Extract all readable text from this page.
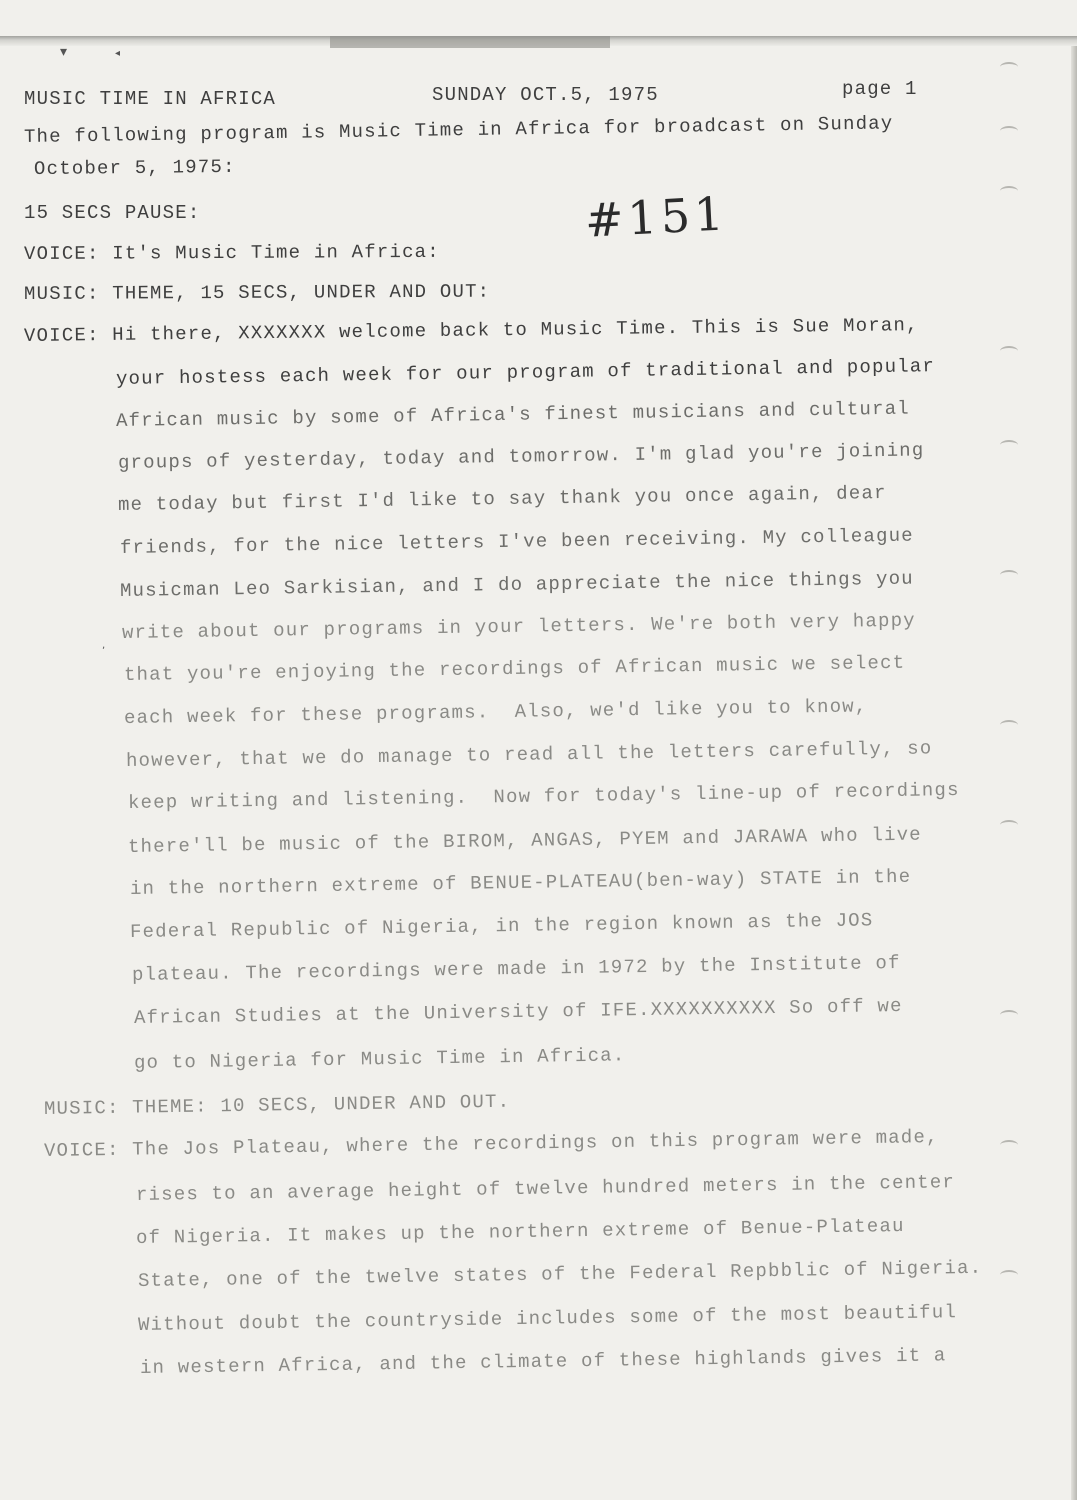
▾	◂
,
MUSIC TIME IN AFRICA	SUNDAY OCT.5, 1975	page 1
#151
The following program is Music Time in Africa for broadcast on Sunday
October 5, 1975:
15 SECS PAUSE:
VOICE: It's Music Time in Africa:
MUSIC: THEME, 15 SECS, UNDER AND OUT:
VOICE: Hi there, XXXXXXX welcome back to Music Time. This is Sue Moran,
your hostess each week for our program of traditional and popular
African music by some of Africa's finest musicians and cultural
groups of yesterday, today and tomorrow. I'm glad you're joining
me today but first I'd like to say thank you once again, dear
friends, for the nice letters I've been receiving. My colleague
Musicman Leo Sarkisian, and I do appreciate the nice things you
write about our programs in your letters. We're both very happy
that you're enjoying the recordings of African music we select
each week for these programs.  Also, we'd like you to know,
however, that we do manage to read all the letters carefully, so
keep writing and listening.  Now for today's line-up of recordings
there'll be music of the BIROM, ANGAS, PYEM and JARAWA who live
in the northern extreme of BENUE-PLATEAU(ben-way) STATE in the
Federal Republic of Nigeria, in the region known as the JOS
plateau. The recordings were made in 1972 by the Institute of
African Studies at the University of IFE.XXXXXXXXXX So off we
go to Nigeria for Music Time in Africa.
MUSIC: THEME: 10 SECS, UNDER AND OUT.
VOICE: The Jos Plateau, where the recordings on this program were made,
rises to an average height of twelve hundred meters in the center
of Nigeria. It makes up the northern extreme of Benue-Plateau
State, one of the twelve states of the Federal Repbblic of Nigeria.
Without doubt the countryside includes some of the most beautiful
in western Africa, and the climate of these highlands gives it a
